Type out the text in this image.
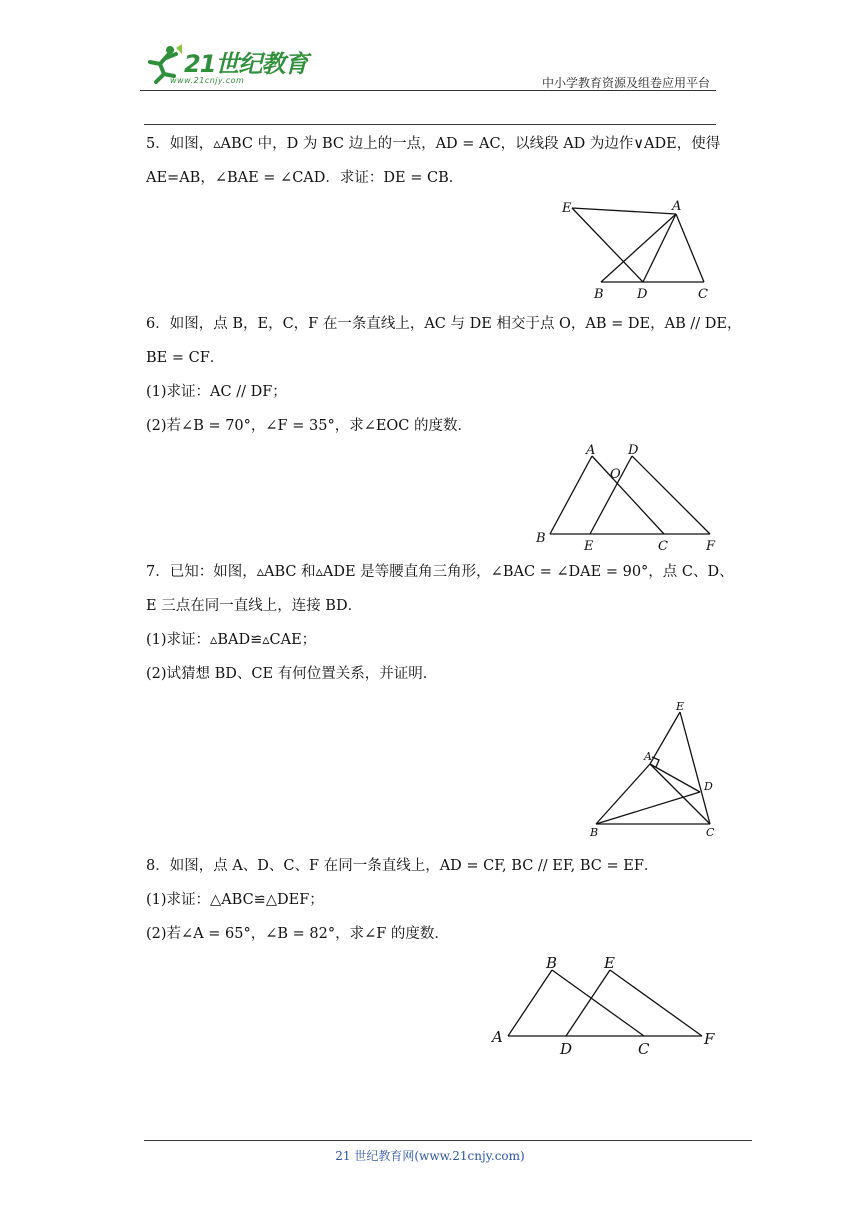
21世纪教育
www.21cnjy.com	中小学教育资源及组卷应用平台
5．如图，▵ABC 中，D 为 BC 边上的一点，AD = AC，以线段 AD 为边作∨ADE，使得
AE=AB，∠BAE = ∠CAD．求证：DE = CB．
E	A
B	D	C
6．如图，点 B，E，C，F 在一条直线上，AC 与 DE 相交于点 O，AB = DE，AB // DE，
BE = CF．
(1)求证：AC // DF；
(2)若∠B = 70°，∠F = 35°，求∠EOC 的度数．
A	D
O
B
E	C	F
7．已知：如图，▵ABC 和▵ADE 是等腰直角三角形，∠BAC = ∠DAE = 90°，点 C、D、
E 三点在同一直线上，连接 BD．
(1)求证：▵BAD≌▵CAE；
(2)试猜想 BD、CE 有何位置关系，并证明．
E
A
D
B	C
8．如图，点 A、D、C、F 在同一条直线上，AD = CF, BC // EF, BC = EF．
(1)求证：△ABC≌△DEF；
(2)若∠A = 65°，∠B = 82°，求∠F 的度数．
B	E
A
D	C
F
21 世纪教育网(www.21cnjy.com)
